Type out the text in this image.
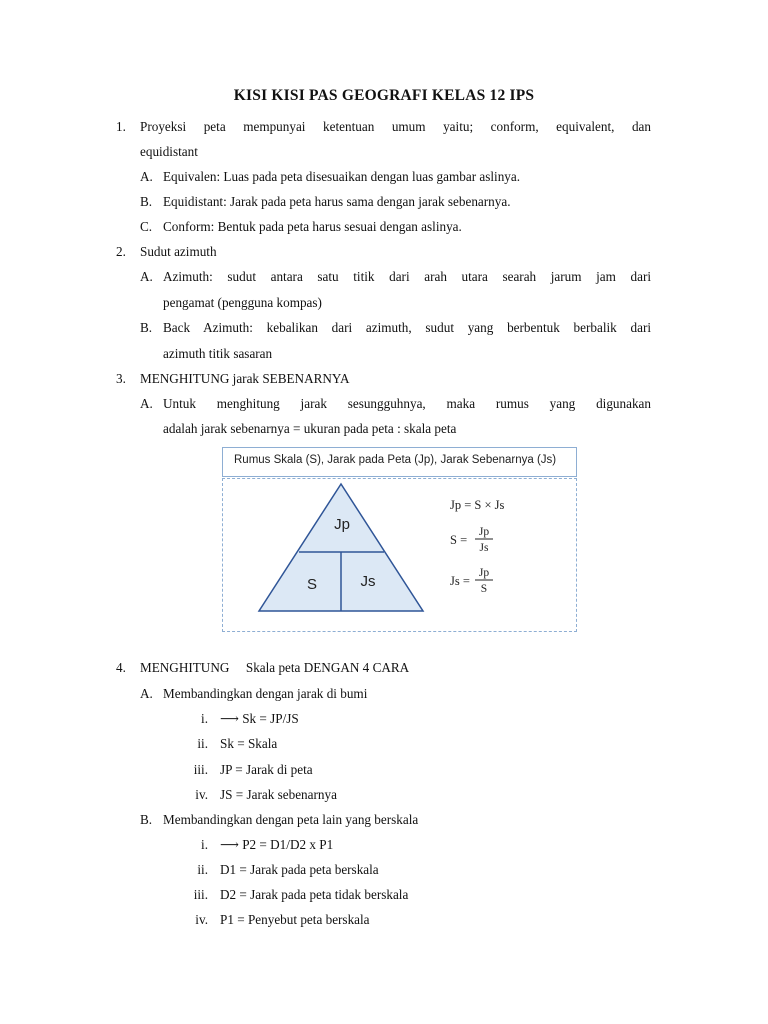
KISI KISI PAS GEOGRAFI KELAS 12 IPS
1. Proyeksi peta mempunyai ketentuan umum yaitu; conform, equivalent, dan
equidistant
A. Equivalen: Luas pada peta disesuaikan dengan luas gambar aslinya.
B. Equidistant: Jarak pada peta harus sama dengan jarak sebenarnya.
C. Conform: Bentuk pada peta harus sesuai dengan aslinya.
2. Sudut azimuth
A. Azimuth: sudut antara satu titik dari arah utara searah jarum jam dari
pengamat (pengguna kompas)
B. Back Azimuth: kebalikan dari azimuth, sudut yang berbentuk berbalik dari
azimuth titik sasaran
3. MENGHITUNG jarak SEBENARNYA
A. Untuk menghitung jarak sesungguhnya, maka rumus yang digunakan
adalah jarak sebenarnya = ukuran pada peta : skala peta
Rumus Skala (S), Jarak pada Peta (Jp), Jarak Sebenarnya (Js)
Jp
S	Js
Jp = S × Js
S =
Jp
Js
Js =
Jp
S
4. MENGHITUNG     Skala peta DENGAN 4 CARA
A. Membandingkan dengan jarak di bumi
i. ⟶ Sk = JP/JS
ii. Sk = Skala
iii. JP = Jarak di peta
iv. JS = Jarak sebenarnya
B. Membandingkan dengan peta lain yang berskala
i. ⟶ P2 = D1/D2 x P1
ii. D1 = Jarak pada peta berskala
iii. D2 = Jarak pada peta tidak berskala
iv. P1 = Penyebut peta berskala
